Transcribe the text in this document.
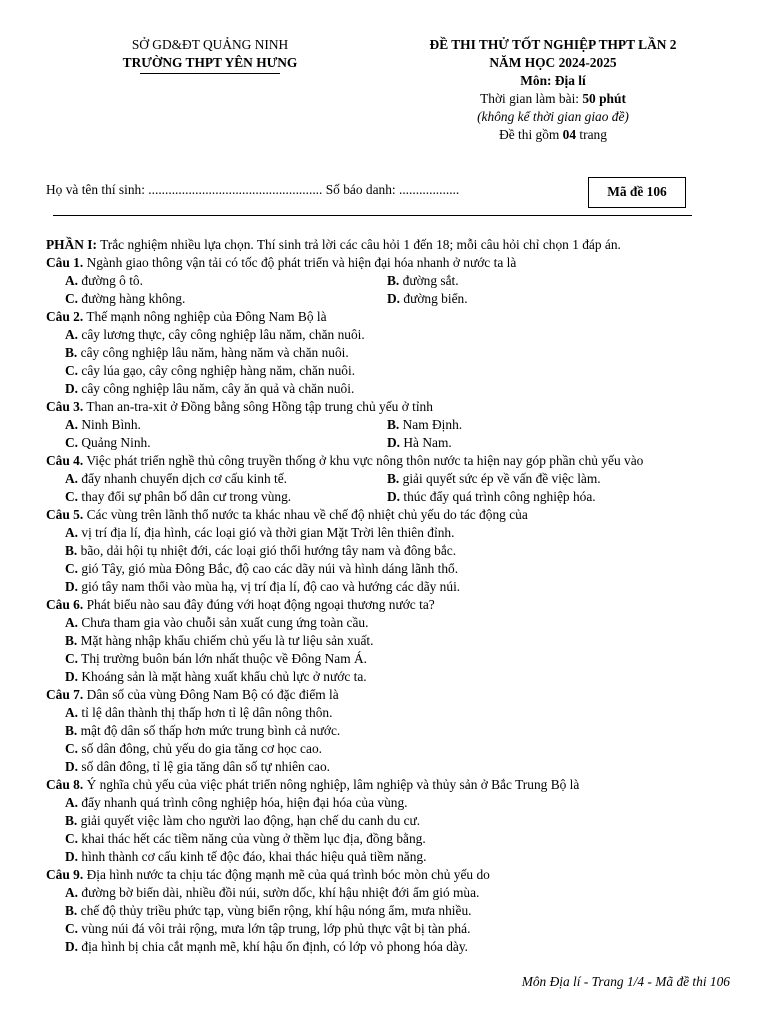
SỞ GD&ĐT QUẢNG NINH
TRƯỜNG THPT YÊN HƯNG
ĐỀ THI THỬ TỐT NGHIỆP THPT LẦN 2
NĂM HỌC 2024-2025
Môn: Địa lí
Thời gian làm bài: 50 phút
(không kể thời gian giao đề)
Đề thi gồm 04 trang
Họ và tên thí sinh: .................................................... Số báo danh: ..................	Mã đề 106
PHẦN I: Trắc nghiệm nhiều lựa chọn. Thí sinh trả lời các câu hỏi 1 đến 18; mỗi câu hỏi chỉ chọn 1 đáp án.
Câu 1. Ngành giao thông vận tải có tốc độ phát triển và hiện đại hóa nhanh ở nước ta là
A. đường ô tô.	B. đường sắt.
C. đường hàng không.	D. đường biển.
Câu 2. Thế mạnh nông nghiệp của Đông Nam Bộ là
A. cây lương thực, cây công nghiệp lâu năm, chăn nuôi.
B. cây công nghiệp lâu năm, hàng năm và chăn nuôi.
C. cây lúa gạo, cây công nghiệp hàng năm, chăn nuôi.
D. cây công nghiệp lâu năm, cây ăn quả và chăn nuôi.
Câu 3. Than an-tra-xit ở Đồng bằng sông Hồng tập trung chủ yếu ở tỉnh
A. Ninh Bình.	B. Nam Định.
C. Quảng Ninh.	D. Hà Nam.
Câu 4. Việc phát triển nghề thủ công truyền thống ở khu vực nông thôn nước ta hiện nay góp phần chủ yếu vào
A. đẩy nhanh chuyển dịch cơ cấu kinh tế.	B. giải quyết sức ép về vấn đề việc làm.
C. thay đổi sự phân bố dân cư trong vùng.	D. thúc đẩy quá trình công nghiệp hóa.
Câu 5. Các vùng trên lãnh thổ nước ta khác nhau về chế độ nhiệt chủ yếu do tác động của
A. vị trí địa lí, địa hình, các loại gió và thời gian Mặt Trời lên thiên đỉnh.
B. bão, dải hội tụ nhiệt đới, các loại gió thổi hướng tây nam và đông bắc.
C. gió Tây, gió mùa Đông Bắc, độ cao các dãy núi và hình dáng lãnh thổ.
D. gió tây nam thổi vào mùa hạ, vị trí địa lí, độ cao và hướng các dãy núi.
Câu 6. Phát biểu nào sau đây đúng với hoạt động ngoại thương nước ta?
A. Chưa tham gia vào chuỗi sản xuất cung ứng toàn cầu.
B. Mặt hàng nhập khẩu chiếm chủ yếu là tư liệu sản xuất.
C. Thị trường buôn bán lớn nhất thuộc về Đông Nam Á.
D. Khoáng sản là mặt hàng xuất khẩu chủ lực ở nước ta.
Câu 7. Dân số của vùng Đông Nam Bộ có đặc điểm là
A. tỉ lệ dân thành thị thấp hơn tỉ lệ dân nông thôn.
B. mật độ dân số thấp hơn mức trung bình cả nước.
C. số dân đông, chủ yếu do gia tăng cơ học cao.
D. số dân đông, tỉ lệ gia tăng dân số tự nhiên cao.
Câu 8. Ý nghĩa chủ yếu của việc phát triển nông nghiệp, lâm nghiệp và thủy sản ở Bắc Trung Bộ là
A. đẩy nhanh quá trình công nghiệp hóa, hiện đại hóa của vùng.
B. giải quyết việc làm cho người lao động, hạn chế du canh du cư.
C. khai thác hết các tiềm năng của vùng ở thềm lục địa, đồng bằng.
D. hình thành cơ cấu kinh tế độc đáo, khai thác hiệu quả tiềm năng.
Câu 9. Địa hình nước ta chịu tác động mạnh mẽ của quá trình bóc mòn chủ yếu do
A. đường bờ biển dài, nhiều đồi núi, sườn dốc, khí hậu nhiệt đới ẩm gió mùa.
B. chế độ thủy triều phức tạp, vùng biển rộng, khí hậu nóng ẩm, mưa nhiều.
C. vùng núi đá vôi trải rộng, mưa lớn tập trung, lớp phủ thực vật bị tàn phá.
D. địa hình bị chia cắt mạnh mẽ, khí hậu ổn định, có lớp vỏ phong hóa dày.
Môn Địa lí - Trang 1/4 - Mã đề thi 106
